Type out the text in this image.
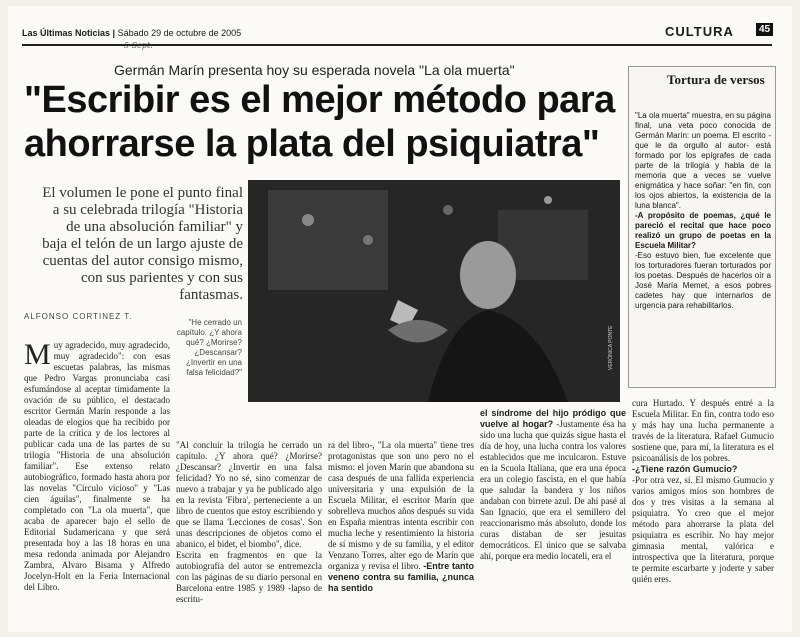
Las Últimas Noticias | Sábado 29 de octubre de 2005	CULTURA	45
Germán Marín presenta hoy su esperada novela "La ola muerta"
"Escribir es el mejor método para ahorrarse la plata del psiquiatra"
El volumen le pone el punto final a su celebrada trilogía "Historia de una absolución familiar" y baja el telón de un largo ajuste de cuentas del autor consigo mismo, con sus parientes y con sus fantasmas.
ALFONSO CORTINEZ T.
VERÓNICA PONTE
"He cerrado un capítulo. ¿Y ahora qué? ¿Morirse? ¿Descansar? ¿Invertir en una falsa felicidad?"
M uy agradecido, muy agradecido, muy agradecido": con esas escuetas palabras, las mismas que Pedro Vargas pronunciaba casi esfumándose al aceptar tímidamente la ovación de su público, el destacado escritor Germán Marín responde a las oleadas de elogios que ha recibido por parte de la crítica y de los lectores al publicar cada una de las partes de su trilogía "Historia de una absolución familiar". Ese extenso relato autobiográfico, formado hasta ahora por las novelas "Círculo vicioso" y "Las cien águilas", finalmente se ha completado con "La ola muerta", que acaba de aparecer bajo el sello de Editorial Sudamericana y que será presentada hoy a las 18 horas en una mesa redonda animada por Alejandro Zambra, Alvaro Bisama y Alfredo Jocelyn-Holt en la Feria Internacional del Libro.
"Al concluir la trilogía he cerrado un capítulo. ¿Y ahora qué? ¿Morirse? ¿Descansar? ¿Invertir en una falsa felicidad? Yo no sé, sino comenzar de nuevo a trabajar y ya he publicado algo en la revista 'Fibra', perteneciente a un libro de cuentos que estoy escribiendo y que se llama 'Lecciones de cosas'. Son unas descripciones de objetos como el abanico, el bidet, el biombo", dice.
Escrita en fragmentos en que la autobiografía del autor se entremezcla con las páginas de su diario personal en Barcelona entre 1985 y 1989 -lapso de escritu-
ra del libro-, "La ola muerta" tiene tres protagonistas que son uno pero no el mismo: el joven Marín que abandona su casa después de una fallida experiencia universitaria y una expulsión de la Escuela Militar, el escritor Marín que sobrelleva muchos años después su vida en España mientras intenta escribir con mucha leche y resentimiento la historia de sí mismo y de su familia, y el editor Venzano Torres, alter ego de Marín que organiza y revisa el libro. -Entre tanto veneno contra su familia, ¿nunca ha sentido
el síndrome del hijo pródigo que vuelve al hogar? -Justamente ésa ha sido una lucha que quizás sigue hasta el día de hoy, una lucha contra los valores establecidos que me inculcaron. Estuve en la Scuola Italiana, que era una época era un colegio fascista, en el que había que saludar la bandera y los niños andaban con birrete azul. De ahí pasé al San Ignacio, que era el semillero del reaccionarismo más absoluto, donde los curas distaban de ser jesuitas democráticos. El único que se salvaba ahí, porque era medio locateli, era el
cura Hurtado. Y después entré a la Escuela Militar. En fin, contra todo eso y más hay una lucha permanente a través de la literatura. Rafael Gumucio sostiene que, para mí, la literatura es el psicoanálisis de los pobres.
-¿Tiene razón Gumucio?
-Por otra vez, sí. El mismo Gumucio y varios amigos míos son hombres de dos y tres visitas a la semana al psiquiatra. Yo creo que el mejor método para ahorrarse la plata del psiquiatra es escribir. No hay mejor gimnasia mental, valórica e introspectiva que la literatura, porque te permite escarbarte y joderte y saber quién eres.
Tortura de versos
"La ola muerta" muestra, en su página final, una veta poco conocida de Germán Marín: un poema. El escrito -que le da orgullo al autor- está formado por los epígrafes de cada parte de la trilogía y habla de la memoria que a veces se vuelve enigmática y hace soñar: "en fin, con los ojos abiertos, la existencia de la luna blanca".
-A propósito de poemas, ¿qué le pareció el recital que hace poco realizó un grupo de poetas en la Escuela Militar?
-Eso estuvo bien, fue excelente que los torturadores fueran torturados por los poetas. Después de hacerlos oír a José María Memet, a esos pobres cadetes hay que internarlos de urgencia para rehabilitarlos.
